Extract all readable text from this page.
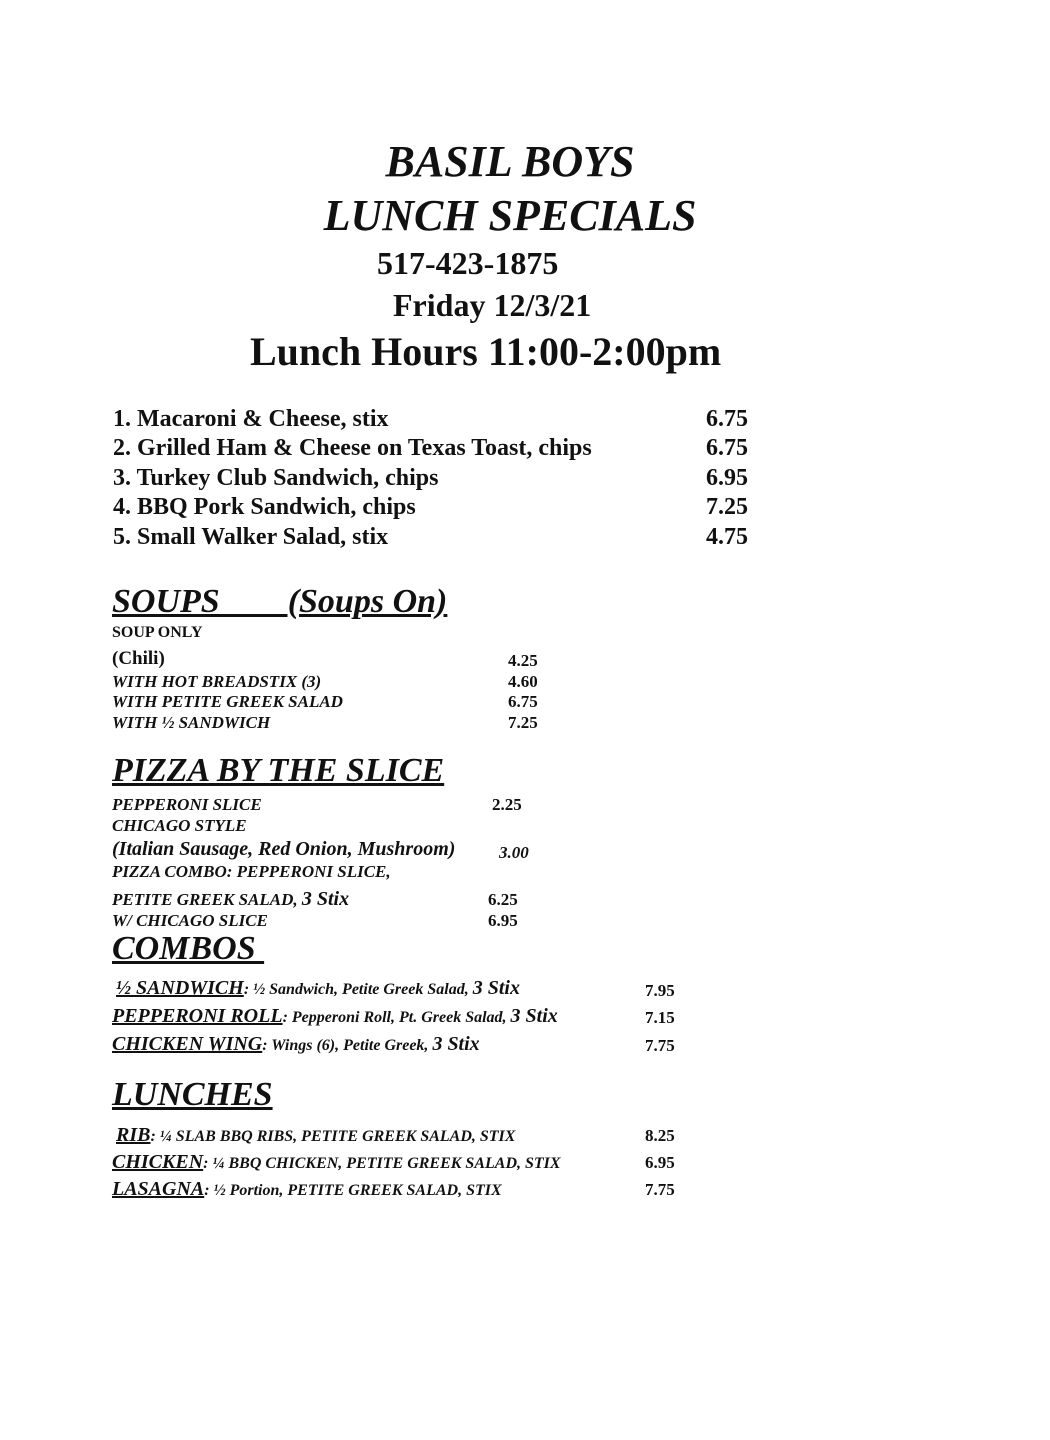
BASIL BOYS
LUNCH SPECIALS
517-423-1875
Friday 12/3/21
Lunch Hours 11:00-2:00pm
1. Macaroni & Cheese, stix	6.75
2. Grilled Ham & Cheese on Texas Toast, chips	6.75
3. Turkey Club Sandwich, chips	6.95
4. BBQ Pork Sandwich, chips	7.25
5. Small Walker Salad, stix	4.75
SOUPS        (Soups On)
SOUP ONLY
(Chili)	4.25
WITH HOT BREADSTIX (3)	4.60
WITH PETITE GREEK SALAD	6.75
WITH ½ SANDWICH	7.25
PIZZA BY THE SLICE
PEPPERONI SLICE	2.25
CHICAGO STYLE
(Italian Sausage, Red Onion, Mushroom)	3.00
PIZZA COMBO: PEPPERONI SLICE,
PETITE GREEK SALAD, 3 Stix	6.25
W/ CHICAGO SLICE	6.95
COMBOS
½ SANDWICH: ½ Sandwich, Petite Greek Salad, 3 Stix	7.95
PEPPERONI ROLL: Pepperoni Roll, Pt. Greek Salad, 3 Stix	7.15
CHICKEN WING: Wings (6), Petite Greek, 3 Stix	7.75
LUNCHES
RIB: ¼ SLAB BBQ RIBS, PETITE GREEK SALAD, STIX	8.25
CHICKEN: ¼ BBQ CHICKEN, PETITE GREEK SALAD, STIX	6.95
LASAGNA: ½ Portion, PETITE GREEK SALAD, STIX	7.75
